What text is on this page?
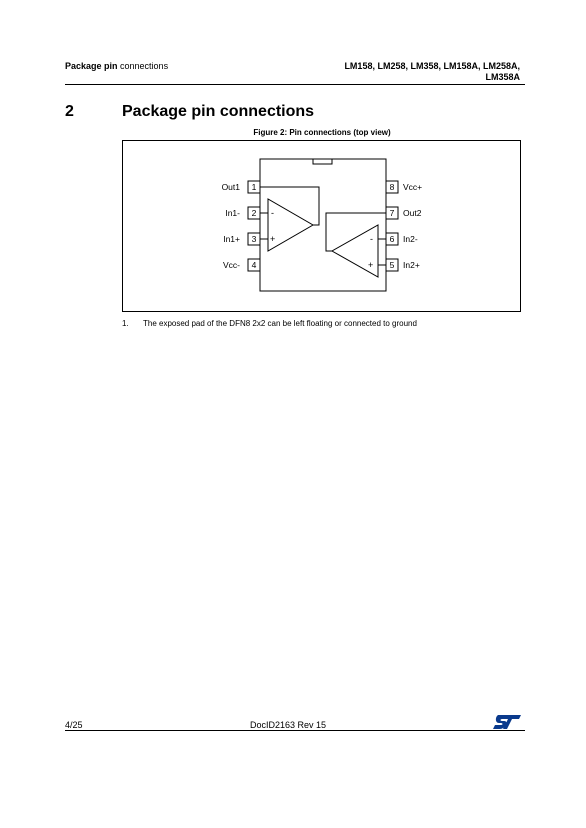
Package pin connections	LM158, LM258, LM358, LM158A, LM258A,
LM358A
2	Package pin connections
Figure 2: Pin connections (top view)
1
2
3
4
8
7
6
5
Out1
In1-
In1+
Vcc-
Vcc+
Out2
In2-
In2+
-
+	-
+
1. The exposed pad of the DFN8 2x2 can be left floating or connected to ground
4/25	DocID2163 Rev 15
